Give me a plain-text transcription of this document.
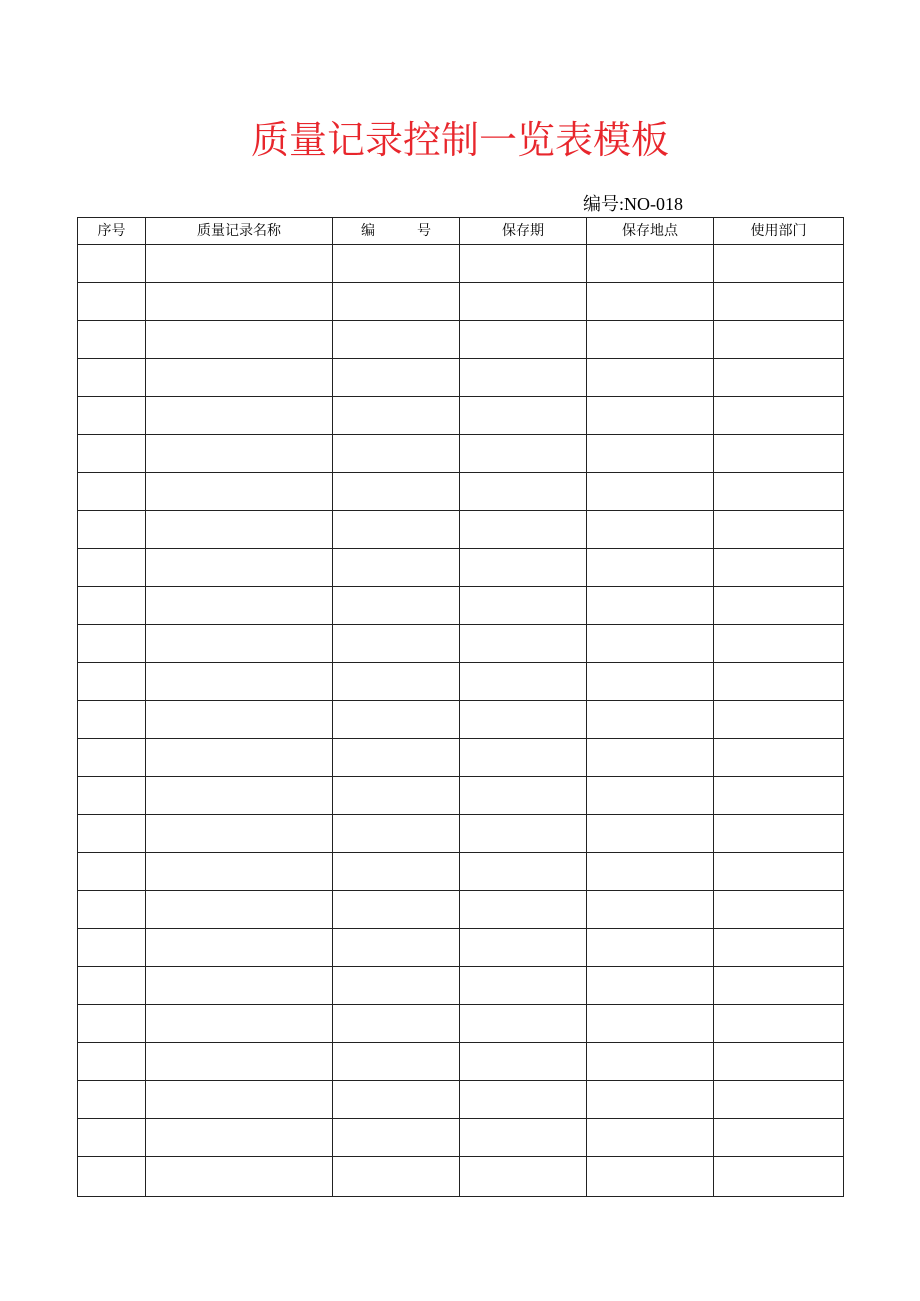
质量记录控制一览表模板
编号:NO-018
序号	质量记录名称	编　　　号	保存期	保存地点	使用部门
